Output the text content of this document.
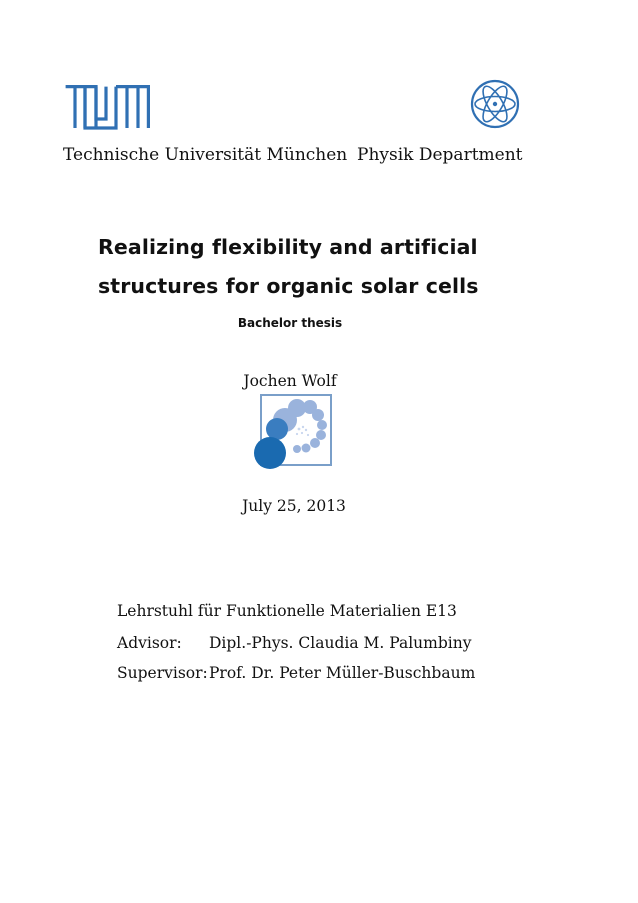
Technische Universität München Physik Department
Realizing flexibility and artificial
structures for organic solar cells
Bachelor thesis
Jochen Wolf
July 25, 2013
Lehrstuhl für Funktionelle Materialien E13
Advisor: Dipl.-Phys. Claudia M. Palumbiny
Supervisor:Prof. Dr. Peter Müller-Buschbaum
